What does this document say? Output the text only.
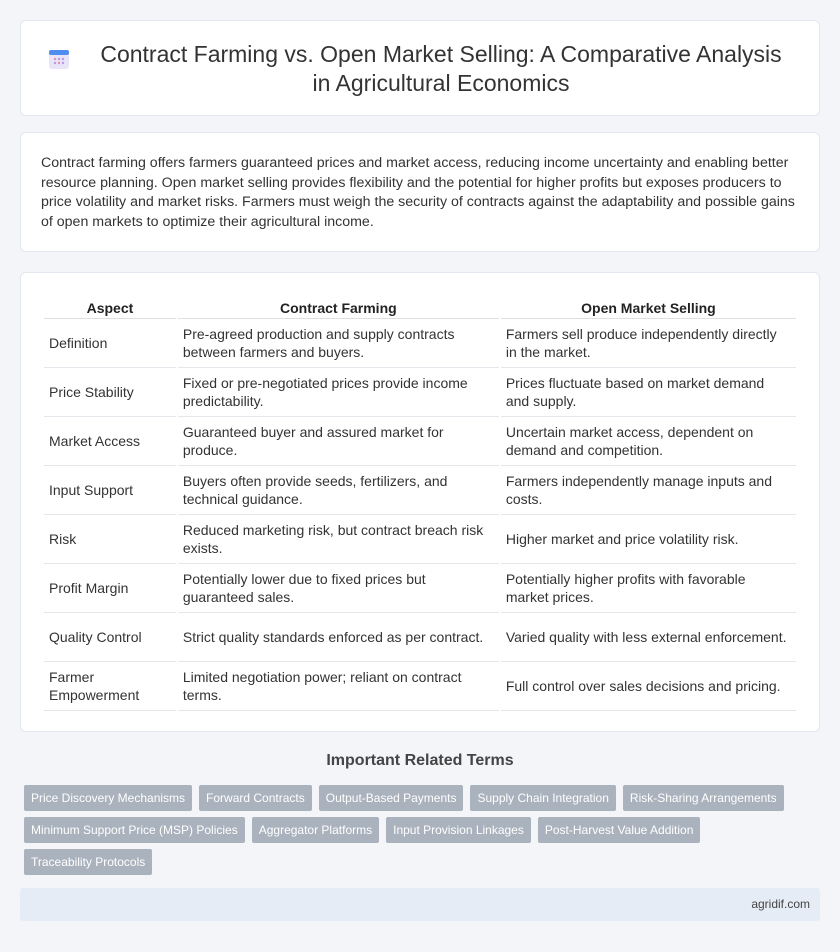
Contract Farming vs. Open Market Selling: A Comparative Analysis in Agricultural Economics

Contract farming offers farmers guaranteed prices and market access, reducing income uncertainty and enabling better resource planning. Open market selling provides flexibility and the potential for higher profits but exposes producers to price volatility and market risks. Farmers must weigh the security of contracts against the adaptability and possible gains of open markets to optimize their agricultural income.

Aspect	Contract Farming	Open Market Selling
Definition	Pre-agreed production and supply contracts between farmers and buyers.	Farmers sell produce independently directly in the market.
Price Stability	Fixed or pre-negotiated prices provide income predictability.	Prices fluctuate based on market demand and supply.
Market Access	Guaranteed buyer and assured market for produce.	Uncertain market access, dependent on demand and competition.
Input Support	Buyers often provide seeds, fertilizers, and technical guidance.	Farmers independently manage inputs and costs.
Risk	Reduced marketing risk, but contract breach risk exists.	Higher market and price volatility risk.
Profit Margin	Potentially lower due to fixed prices but guaranteed sales.	Potentially higher profits with favorable market prices.
Quality Control	Strict quality standards enforced as per contract.	Varied quality with less external enforcement.
Farmer Empowerment	Limited negotiation power; reliant on contract terms.	Full control over sales decisions and pricing.
Important Related Terms
Price Discovery Mechanisms	Forward Contracts	Output-Based Payments	Supply Chain Integration	Risk-Sharing Arrangements
Minimum Support Price (MSP) Policies	Aggregator Platforms	Input Provision Linkages	Post-Harvest Value Addition
Traceability Protocols
agridif.com
